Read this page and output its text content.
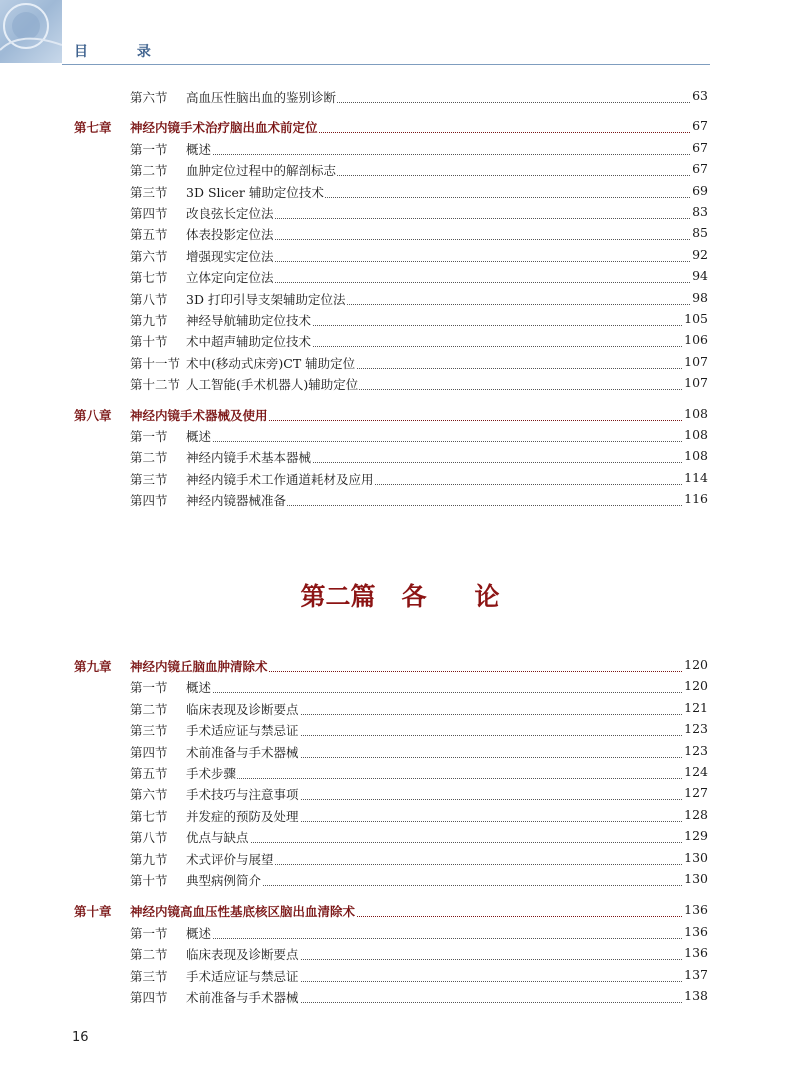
目 录
第六节	高血压性脑出血的鉴别诊断	63
第七章	神经内镜手术治疗脑出血术前定位	67
第一节	概述	67
第二节	血肿定位过程中的解剖标志	67
第三节	3D Slicer 辅助定位技术	69
第四节	改良弦长定位法	83
第五节	体表投影定位法	85
第六节	增强现实定位法	92
第七节	立体定向定位法	94
第八节	3D 打印引导支架辅助定位法	98
第九节	神经导航辅助定位技术	105
第十节	术中超声辅助定位技术	106
第十一节 术中(移动式床旁)CT 辅助定位	107
第十二节 人工智能(手术机器人)辅助定位	107
第八章	神经内镜手术器械及使用	108
第一节	概述	108
第二节	神经内镜手术基本器械	108
第三节	神经内镜手术工作通道耗材及应用	114
第四节	神经内镜器械准备	116
第九章	神经内镜丘脑血肿清除术	120
第一节	概述	120
第二节	临床表现及诊断要点	121
第三节	手术适应证与禁忌证	123
第四节	术前准备与手术器械	123
第五节	手术步骤	124
第六节	手术技巧与注意事项	127
第七节	并发症的预防及处理	128
第八节	优点与缺点	129
第九节	术式评价与展望	130
第十节	典型病例简介	130
第十章	神经内镜高血压性基底核区脑出血清除术	136
第一节	概述	136
第二节	临床表现及诊断要点	136
第三节	手术适应证与禁忌证	137
第四节	术前准备与手术器械	138
第二篇 各 论
16
